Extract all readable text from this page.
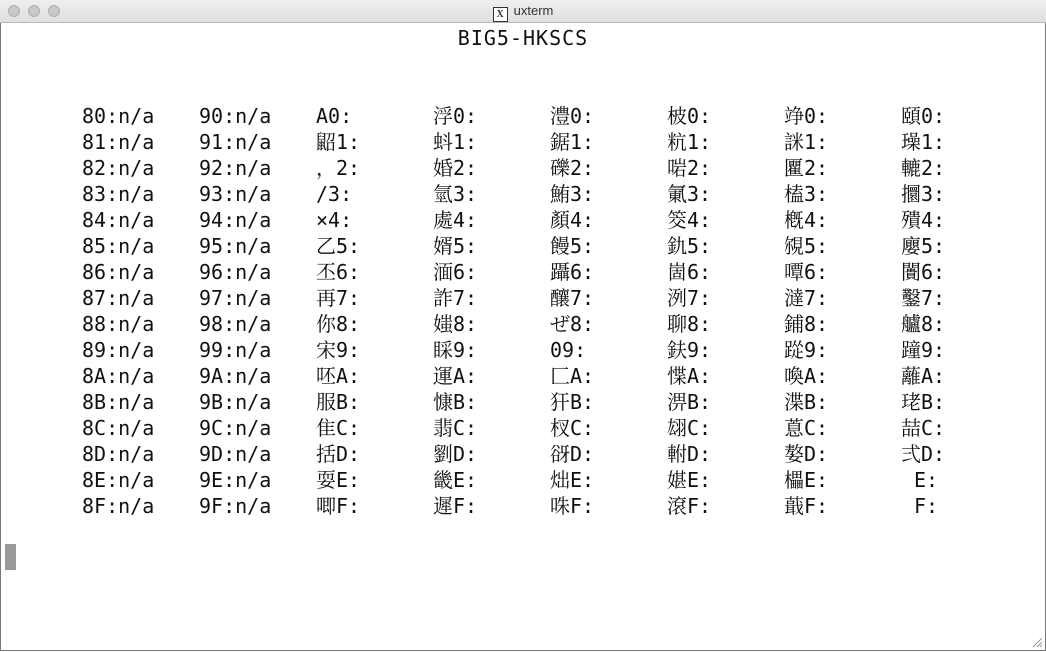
X uxterm
BIG5-HKSCS
80:n/a
81:n/a
82:n/a
83:n/a
84:n/a
85:n/a
86:n/a
87:n/a
88:n/a
89:n/a
8A:n/a
8B:n/a
8C:n/a
8D:n/a
8E:n/a
8F:n/a
90:n/a
91:n/a
92:n/a
93:n/a
94:n/a
95:n/a
96:n/a
97:n/a
98:n/a
99:n/a
9A:n/a
9B:n/a
9C:n/a
9D:n/a
9E:n/a
9F:n/a
A0:
鼦1:
，2:
/3:
×4:
乙5:
丕6:
再7:
你8:
宋9:
呸A:
服B:
隹C:
括D:
耍E:
唧F:
浮0:
蚪1:
婚2:
氫3:
處4:
婿5:
湎6:
詐7:
媸8:
睬9:
運A:
慷B:
翡C:
劉D:
畿E:
遲F:
澧0:
鋸1:
礫2:
鮪3:
顏4:
饅5:
躡6:
釀7:
ぜ8:
09:
匚A:
犴B:
杈C:
谺D:
炪E:
咮F:
柀0:
粇1:
啱2:
氭3:
筊4:
釚5:
崮6:
洌7:
聊8:
鈇9:
惵A:
淠B:
翃C:
軵D:
媅E:
滾F:
竫0:
詸1:
匷2:
榼3:
槪4:
覙5:
嘾6:
澾7:
鋪8:
踨9:
喚A:
渫B:
蒠C:
嫯D:
櫑E:
蕺F:
頤0:
璪1:
轆2:
攌3:
殨4:
廮5:
闠6:
鑿7:
艫8:
蹱9:
蘺A:
珯B:
喆C:
弍D:
E:
F:
